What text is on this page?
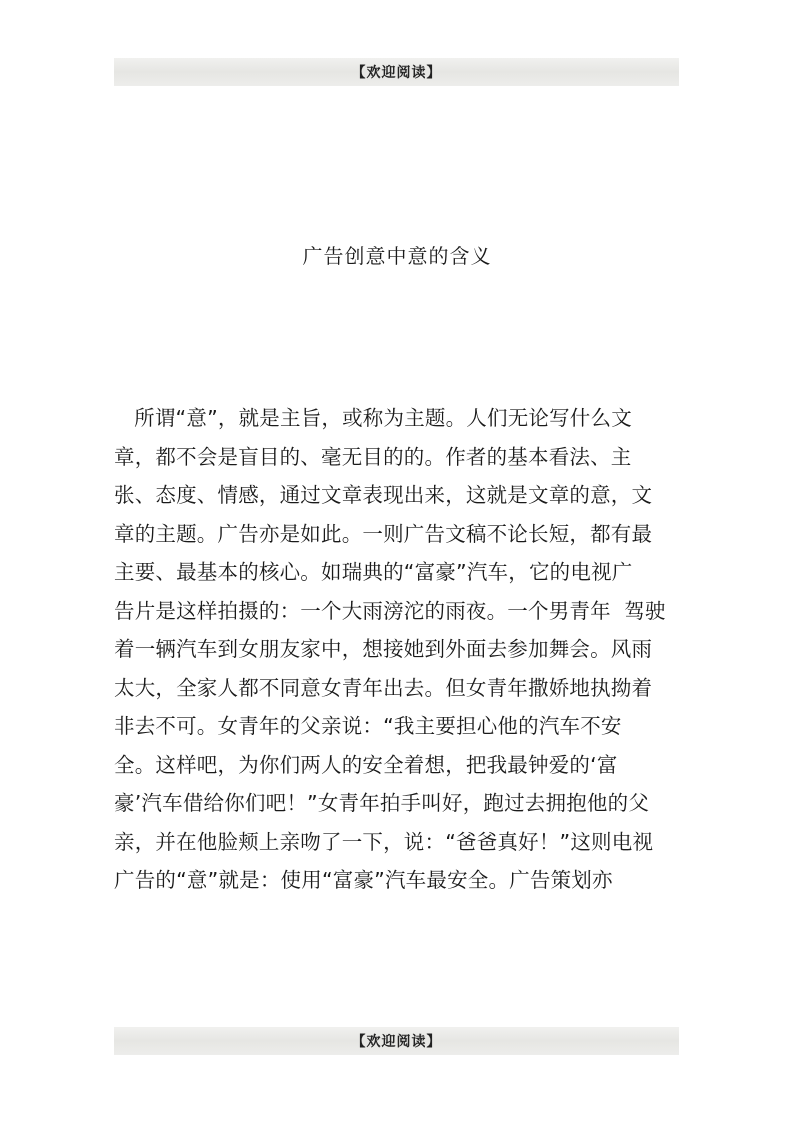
【欢迎阅读】
广告创意中意的含义
所谓“意”，就是主旨，或称为主题。人们无论写什么文
章，都不会是盲目的、毫无目的的。作者的基本看法、主
张、态度、情感，通过文章表现出来，这就是文章的意，文
章的主题。广告亦是如此。一则广告文稿不论长短，都有最
主要、最基本的核心。如瑞典的“富豪”汽车，它的电视广
告片是这样拍摄的：一个大雨滂沱的雨夜。一个男青年  驾驶
着一辆汽车到女朋友家中，想接她到外面去参加舞会。风雨
太大，全家人都不同意女青年出去。但女青年撒娇地执拗着
非去不可。女青年的父亲说：“我主要担心他的汽车不安
全。这样吧，为你们两人的安全着想，把我最钟爱的‘富
豪’汽车借给你们吧！”女青年拍手叫好，跑过去拥抱他的父
亲，并在他脸颊上亲吻了一下，说：“爸爸真好！”这则电视
广告的“意”就是：使用“富豪”汽车最安全。广告策划亦
【欢迎阅读】
